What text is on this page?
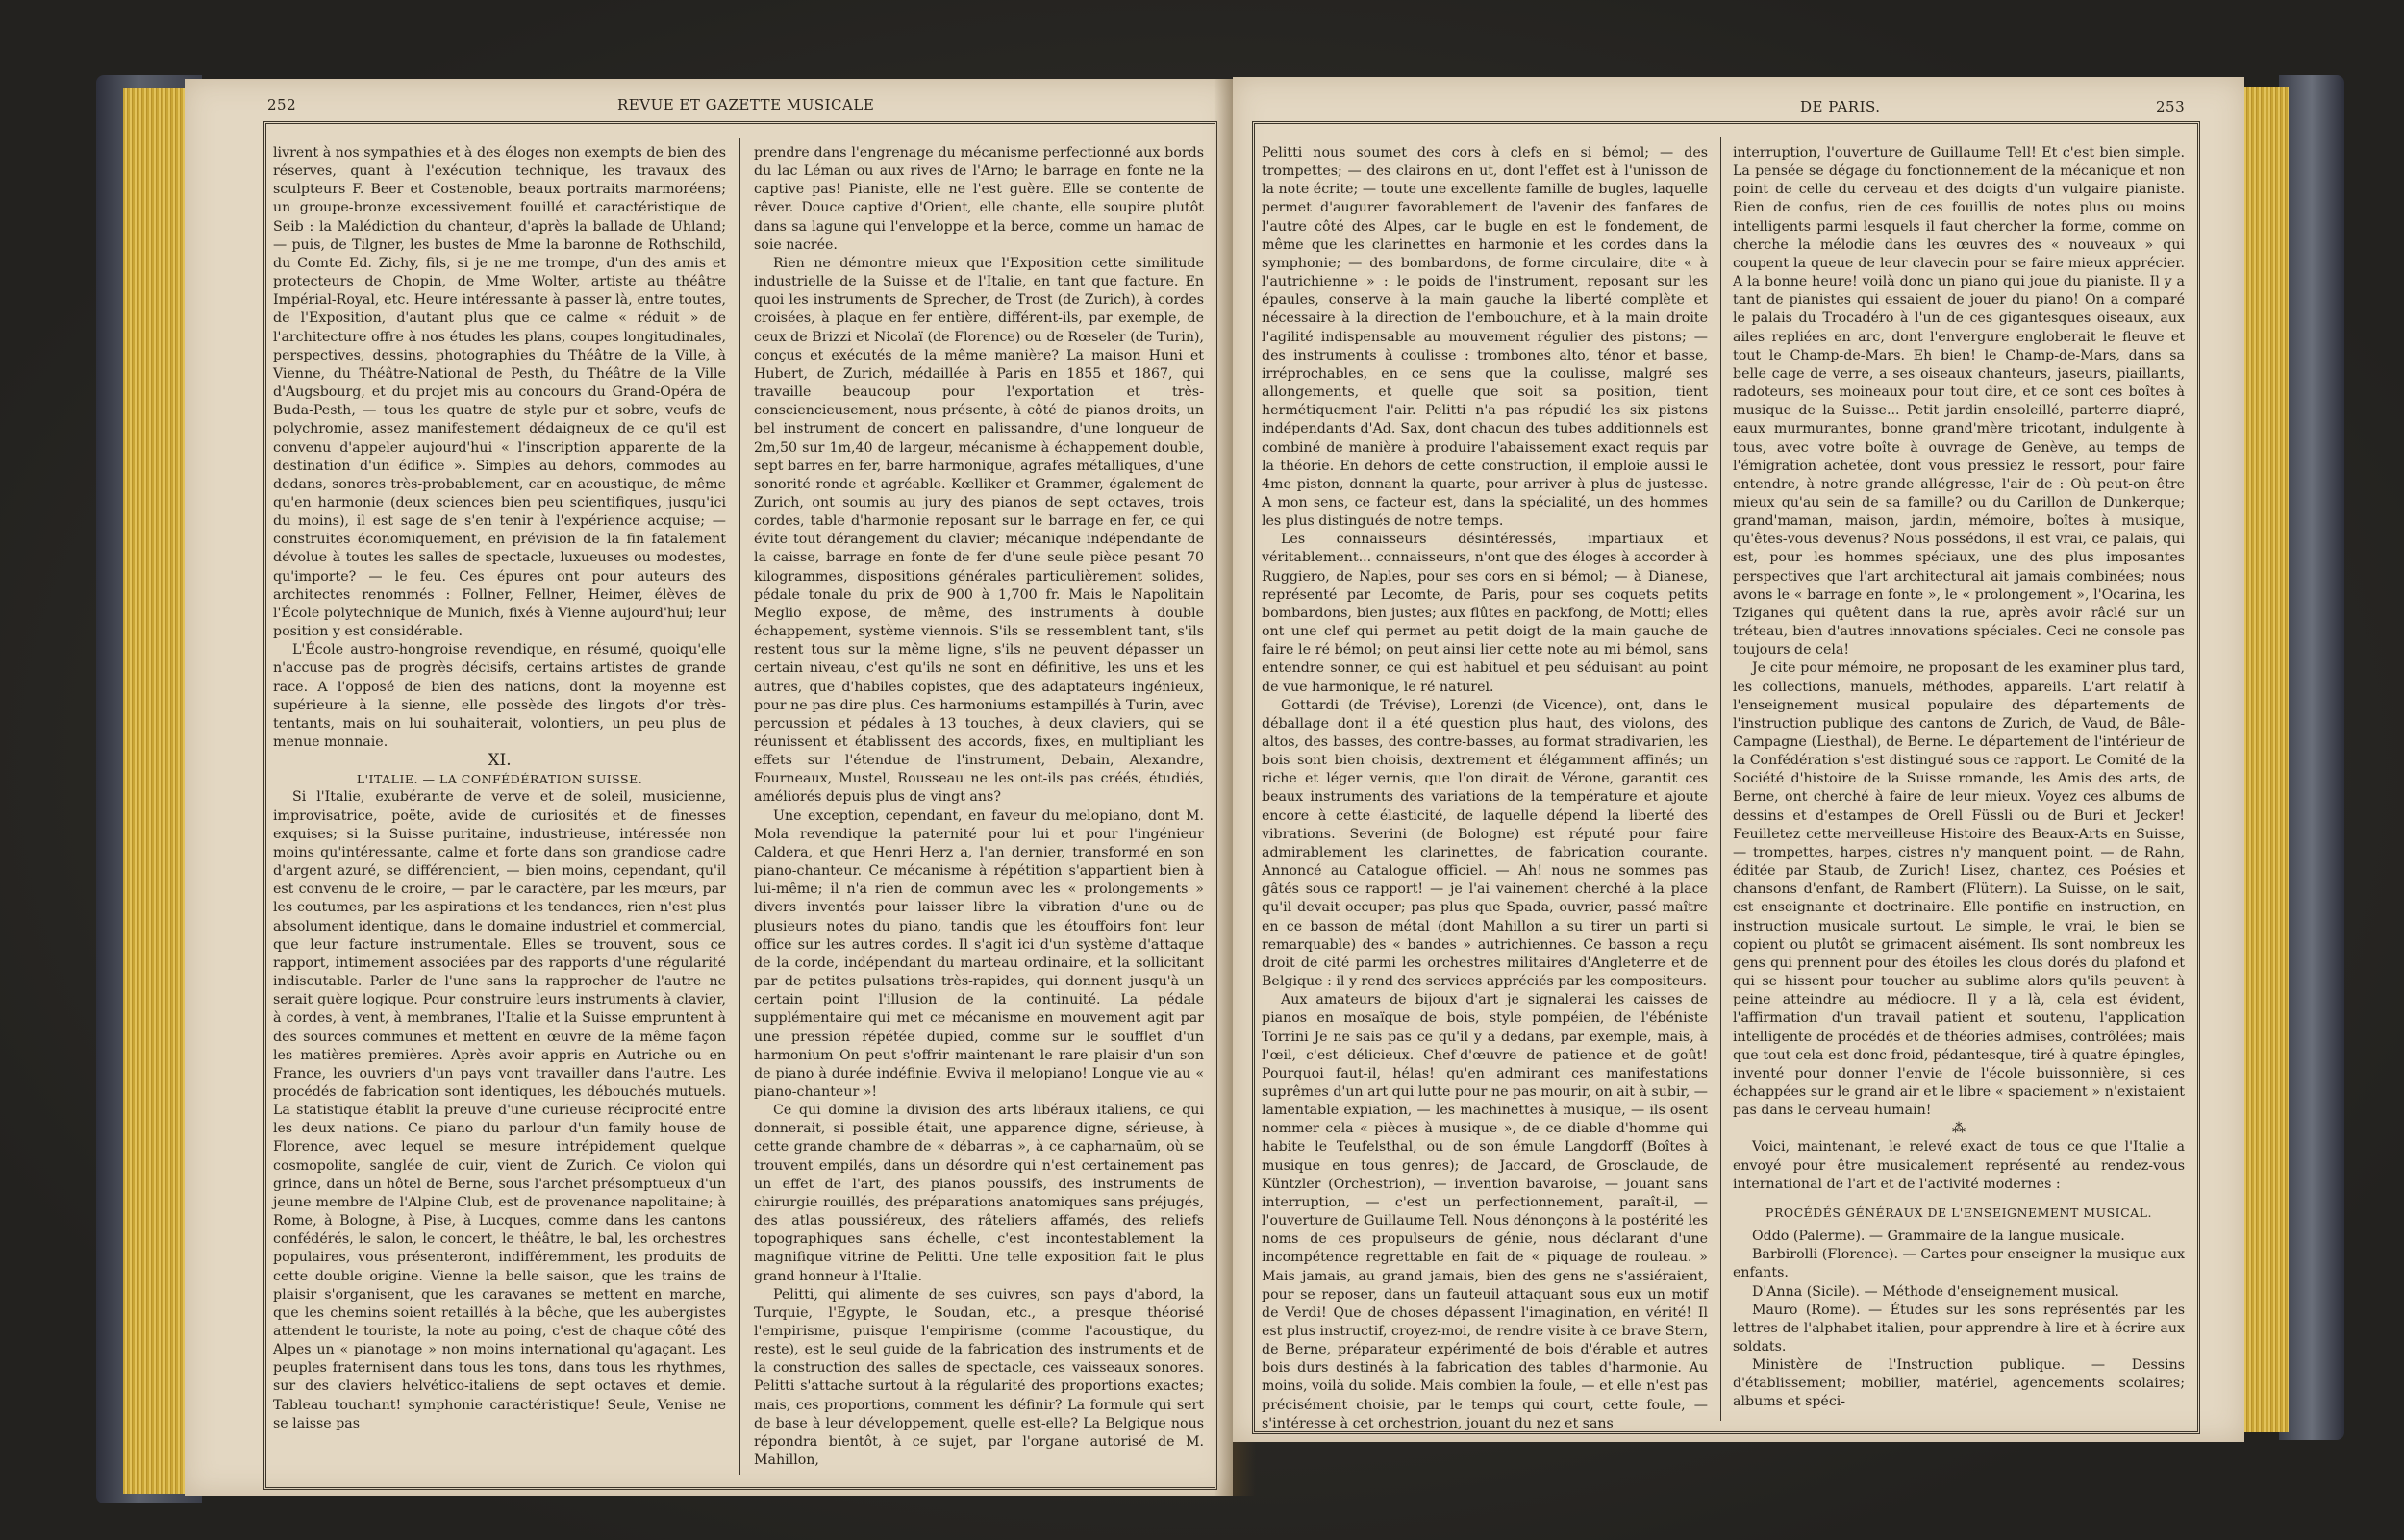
252	REVUE ET GAZETTE MUSICALE

livrent à nos sympathies et à des éloges non exempts de bien des réserves, quant à l'exécution technique, les travaux des sculpteurs F. Beer et Costenoble, beaux portraits marmoréens; un groupe-bronze excessivement fouillé et caractéristique de Seib : la Malédiction du chanteur, d'après la ballade de Uhland; — puis, de Tilgner, les bustes de Mme la baronne de Rothschild, du Comte Ed. Zichy, fils, si je ne me trompe, d'un des amis et protecteurs de Chopin, de Mme Wolter, artiste au théâtre Impérial-Royal, etc. Heure intéressante à passer là, entre toutes, de l'Exposition, d'autant plus que ce calme « réduit » de l'architecture offre à nos études les plans, coupes longitudinales, perspectives, dessins, photographies du Théâtre de la Ville, à Vienne, du Théâtre-National de Pesth, du Théâtre de la Ville d'Augsbourg, et du projet mis au concours du Grand-Opéra de Buda-Pesth, — tous les quatre de style pur et sobre, veufs de polychromie, assez manifestement dédaigneux de ce qu'il est convenu d'appeler aujourd'hui « l'inscription apparente de la destination d'un édifice ». Simples au dehors, commodes au dedans, sonores très-probablement, car en acoustique, de même qu'en harmonie (deux sciences bien peu scientifiques, jusqu'ici du moins), il est sage de s'en tenir à l'expérience acquise; — construites économiquement, en prévision de la fin fatalement dévolue à toutes les salles de spectacle, luxueuses ou modestes, qu'importe? — le feu. Ces épures ont pour auteurs des architectes renommés : Follner, Fellner, Heimer, élèves de l'École polytechnique de Munich, fixés à Vienne aujourd'hui; leur position y est considérable.

L'École austro-hongroise revendique, en résumé, quoiqu'elle n'accuse pas de progrès décisifs, certains artistes de grande race. A l'opposé de bien des nations, dont la moyenne est supérieure à la sienne, elle possède des lingots d'or très-tentants, mais on lui souhaiterait, volontiers, un peu plus de menue monnaie.

XI.

L'ITALIE. — LA CONFÉDÉRATION SUISSE.

Si l'Italie, exubérante de verve et de soleil, musicienne, improvisatrice, poëte, avide de curiosités et de finesses exquises; si la Suisse puritaine, industrieuse, intéressée non moins qu'intéressante, calme et forte dans son grandiose cadre d'argent azuré, se différencient, — bien moins, cependant, qu'il est convenu de le croire, — par le caractère, par les mœurs, par les coutumes, par les aspirations et les tendances, rien n'est plus absolument identique, dans le domaine industriel et commercial, que leur facture instrumentale. Elles se trouvent, sous ce rapport, intimement associées par des rapports d'une régularité indiscutable. Parler de l'une sans la rapprocher de l'autre ne serait guère logique. Pour construire leurs instruments à clavier, à cordes, à vent, à membranes, l'Italie et la Suisse empruntent à des sources communes et mettent en œuvre de la même façon les matières premières. Après avoir appris en Autriche ou en France, les ouvriers d'un pays vont travailler dans l'autre. Les procédés de fabrication sont identiques, les débouchés mutuels. La statistique établit la preuve d'une curieuse réciprocité entre les deux nations. Ce piano du parlour d'un family house de Florence, avec lequel se mesure intrépidement quelque cosmopolite, sanglée de cuir, vient de Zurich. Ce violon qui grince, dans un hôtel de Berne, sous l'archet présomptueux d'un jeune membre de l'Alpine Club, est de provenance napolitaine; à Rome, à Bologne, à Pise, à Lucques, comme dans les cantons confédérés, le salon, le concert, le théâtre, le bal, les orchestres populaires, vous présenteront, indifféremment, les produits de cette double origine. Vienne la belle saison, que les trains de plaisir s'organisent, que les caravanes se mettent en marche, que les chemins soient retaillés à la bêche, que les aubergistes attendent le touriste, la note au poing, c'est de chaque côté des Alpes un « pianotage » non moins international qu'agaçant. Les peuples fraternisent dans tous les tons, dans tous les rhythmes, sur des claviers helvético-italiens de sept octaves et demie. Tableau touchant! symphonie caractéristique! Seule, Venise ne se laisse pas

prendre dans l'engrenage du mécanisme perfectionné aux bords du lac Léman ou aux rives de l'Arno; le barrage en fonte ne la captive pas! Pianiste, elle ne l'est guère. Elle se contente de rêver. Douce captive d'Orient, elle chante, elle soupire plutôt dans sa lagune qui l'enveloppe et la berce, comme un hamac de soie nacrée.

Rien ne démontre mieux que l'Exposition cette similitude industrielle de la Suisse et de l'Italie, en tant que facture. En quoi les instruments de Sprecher, de Trost (de Zurich), à cordes croisées, à plaque en fer entière, différent-ils, par exemple, de ceux de Brizzi et Nicolaï (de Florence) ou de Rœseler (de Turin), conçus et exécutés de la même manière? La maison Huni et Hubert, de Zurich, médaillée à Paris en 1855 et 1867, qui travaille beaucoup pour l'exportation et très-consciencieusement, nous présente, à côté de pianos droits, un bel instrument de concert en palissandre, d'une longueur de 2m,50 sur 1m,40 de largeur, mécanisme à échappement double, sept barres en fer, barre harmonique, agrafes métalliques, d'une sonorité ronde et agréable. Kœlliker et Grammer, également de Zurich, ont soumis au jury des pianos de sept octaves, trois cordes, table d'harmonie reposant sur le barrage en fer, ce qui évite tout dérangement du clavier; mécanique indépendante de la caisse, barrage en fonte de fer d'une seule pièce pesant 70 kilogrammes, dispositions générales particulièrement solides, pédale tonale du prix de 900 à 1,700 fr. Mais le Napolitain Meglio expose, de même, des instruments à double échappement, système viennois. S'ils se ressemblent tant, s'ils restent tous sur la même ligne, s'ils ne peuvent dépasser un certain niveau, c'est qu'ils ne sont en définitive, les uns et les autres, que d'habiles copistes, que des adaptateurs ingénieux, pour ne pas dire plus. Ces harmoniums estampillés à Turin, avec percussion et pédales à 13 touches, à deux claviers, qui se réunissent et établissent des accords, fixes, en multipliant les effets sur l'étendue de l'instrument, Debain, Alexandre, Fourneaux, Mustel, Rousseau ne les ont-ils pas créés, étudiés, améliorés depuis plus de vingt ans?

Une exception, cependant, en faveur du melopiano, dont M. Mola revendique la paternité pour lui et pour l'ingénieur Caldera, et que Henri Herz a, l'an dernier, transformé en son piano-chanteur. Ce mécanisme à répétition s'appartient bien à lui-même; il n'a rien de commun avec les « prolongements » divers inventés pour laisser libre la vibration d'une ou de plusieurs notes du piano, tandis que les étouffoirs font leur office sur les autres cordes. Il s'agit ici d'un système d'attaque de la corde, indépendant du marteau ordinaire, et la sollicitant par de petites pulsations très-rapides, qui donnent jusqu'à un certain point l'illusion de la continuité. La pédale supplémentaire qui met ce mécanisme en mouvement agit par une pression répétée dupied, comme sur le soufflet d'un harmonium On peut s'offrir maintenant le rare plaisir d'un son de piano à durée indéfinie. Evviva il melopiano! Longue vie au « piano-chanteur »!

Ce qui domine la division des arts libéraux italiens, ce qui donnerait, si possible était, une apparence digne, sérieuse, à cette grande chambre de « débarras », à ce capharnaüm, où se trouvent empilés, dans un désordre qui n'est certainement pas un effet de l'art, des pianos poussifs, des instruments de chirurgie rouillés, des préparations anatomiques sans préjugés, des atlas poussiéreux, des râteliers affamés, des reliefs topographiques sans échelle, c'est incontestablement la magnifique vitrine de Pelitti. Une telle exposition fait le plus grand honneur à l'Italie.

Pelitti, qui alimente de ses cuivres, son pays d'abord, la Turquie, l'Egypte, le Soudan, etc., a presque théorisé l'empirisme, puisque l'empirisme (comme l'acoustique, du reste), est le seul guide de la fabrication des instruments et de la construction des salles de spectacle, ces vaisseaux sonores. Pelitti s'attache surtout à la régularité des proportions exactes; mais, ces proportions, comment les définir? La formule qui sert de base à leur développement, quelle est-elle? La Belgique nous répondra bientôt, à ce sujet, par l'organe autorisé de M. Mahillon,

DE PARIS.	253

Pelitti nous soumet des cors à clefs en si bémol; — des trompettes; — des clairons en ut, dont l'effet est à l'unisson de la note écrite; — toute une excellente famille de bugles, laquelle permet d'augurer favorablement de l'avenir des fanfares de l'autre côté des Alpes, car le bugle en est le fondement, de même que les clarinettes en harmonie et les cordes dans la symphonie; — des bombardons, de forme circulaire, dite « à l'autrichienne » : le poids de l'instrument, reposant sur les épaules, conserve à la main gauche la liberté complète et nécessaire à la direction de l'embouchure, et à la main droite l'agilité indispensable au mouvement régulier des pistons; — des instruments à coulisse : trombones alto, ténor et basse, irréprochables, en ce sens que la coulisse, malgré ses allongements, et quelle que soit sa position, tient hermétiquement l'air. Pelitti n'a pas répudié les six pistons indépendants d'Ad. Sax, dont chacun des tubes additionnels est combiné de manière à produire l'abaissement exact requis par la théorie. En dehors de cette construction, il emploie aussi le 4me piston, donnant la quarte, pour arriver à plus de justesse. A mon sens, ce facteur est, dans la spécialité, un des hommes les plus distingués de notre temps.

Les connaisseurs désintéressés, impartiaux et véritablement... connaisseurs, n'ont que des éloges à accorder à Ruggiero, de Naples, pour ses cors en si bémol; — à Dianese, représenté par Lecomte, de Paris, pour ses coquets petits bombardons, bien justes; aux flûtes en packfong, de Motti; elles ont une clef qui permet au petit doigt de la main gauche de faire le ré bémol; on peut ainsi lier cette note au mi bémol, sans entendre sonner, ce qui est habituel et peu séduisant au point de vue harmonique, le ré naturel.

Gottardi (de Trévise), Lorenzi (de Vicence), ont, dans le déballage dont il a été question plus haut, des violons, des altos, des basses, des contre-basses, au format stradivarien, les bois sont bien choisis, dextrement et élégamment affinés; un riche et léger vernis, que l'on dirait de Vérone, garantit ces beaux instruments des variations de la température et ajoute encore à cette élasticité, de laquelle dépend la liberté des vibrations. Severini (de Bologne) est réputé pour faire admirablement les clarinettes, de fabrication courante. Annoncé au Catalogue officiel. — Ah! nous ne sommes pas gâtés sous ce rapport! — je l'ai vainement cherché à la place qu'il devait occuper; pas plus que Spada, ouvrier, passé maître en ce basson de métal (dont Mahillon a su tirer un parti si remarquable) des « bandes » autrichiennes. Ce basson a reçu droit de cité parmi les orchestres militaires d'Angleterre et de Belgique : il y rend des services appréciés par les compositeurs.

Aux amateurs de bijoux d'art je signalerai les caisses de pianos en mosaïque de bois, style pompéien, de l'ébéniste Torrini Je ne sais pas ce qu'il y a dedans, par exemple, mais, à l'œil, c'est délicieux. Chef-d'œuvre de patience et de goût! Pourquoi faut-il, hélas! qu'en admirant ces manifestations suprêmes d'un art qui lutte pour ne pas mourir, on ait à subir, — lamentable expiation, — les machinettes à musique, — ils osent nommer cela « pièces à musique », de ce diable d'homme qui habite le Teufelsthal, ou de son émule Langdorff (Boîtes à musique en tous genres); de Jaccard, de Grosclaude, de Küntzler (Orchestrion), — invention bavaroise, — jouant sans interruption, — c'est un perfectionnement, paraît-il, — l'ouverture de Guillaume Tell. Nous dénonçons à la postérité les noms de ces propulseurs de génie, nous déclarant d'une incompétence regrettable en fait de « piquage de rouleau. » Mais jamais, au grand jamais, bien des gens ne s'assiéraient, pour se reposer, dans un fauteuil attaquant sous eux un motif de Verdi! Que de choses dépassent l'imagination, en vérité! Il est plus instructif, croyez-moi, de rendre visite à ce brave Stern, de Berne, préparateur expérimenté de bois d'érable et autres bois durs destinés à la fabrication des tables d'harmonie. Au moins, voilà du solide. Mais combien la foule, — et elle n'est pas précisément choisie, par le temps qui court, cette foule, — s'intéresse à cet orchestrion, jouant du nez et sans

interruption, l'ouverture de Guillaume Tell! Et c'est bien simple. La pensée se dégage du fonctionnement de la mécanique et non point de celle du cerveau et des doigts d'un vulgaire pianiste. Rien de confus, rien de ces fouillis de notes plus ou moins intelligents parmi lesquels il faut chercher la forme, comme on cherche la mélodie dans les œuvres des « nouveaux » qui coupent la queue de leur clavecin pour se faire mieux apprécier. A la bonne heure! voilà donc un piano qui joue du pianiste. Il y a tant de pianistes qui essaient de jouer du piano! On a comparé le palais du Trocadéro à l'un de ces gigantesques oiseaux, aux ailes repliées en arc, dont l'envergure engloberait le fleuve et tout le Champ-de-Mars. Eh bien! le Champ-de-Mars, dans sa belle cage de verre, a ses oiseaux chanteurs, jaseurs, piaillants, radoteurs, ses moineaux pour tout dire, et ce sont ces boîtes à musique de la Suisse... Petit jardin ensoleillé, parterre diapré, eaux murmurantes, bonne grand'mère tricotant, indulgente à tous, avec votre boîte à ouvrage de Genève, au temps de l'émigration achetée, dont vous pressiez le ressort, pour faire entendre, à notre grande allégresse, l'air de : Où peut-on être mieux qu'au sein de sa famille? ou du Carillon de Dunkerque; grand'maman, maison, jardin, mémoire, boîtes à musique, qu'êtes-vous devenus? Nous possédons, il est vrai, ce palais, qui est, pour les hommes spéciaux, une des plus imposantes perspectives que l'art architectural ait jamais combinées; nous avons le « barrage en fonte », le « prolongement », l'Ocarina, les Tziganes qui quêtent dans la rue, après avoir râclé sur un tréteau, bien d'autres innovations spéciales. Ceci ne console pas toujours de cela!

Je cite pour mémoire, ne proposant de les examiner plus tard, les collections, manuels, méthodes, appareils. L'art relatif à l'enseignement musical populaire des départements de l'instruction publique des cantons de Zurich, de Vaud, de Bâle-Campagne (Liesthal), de Berne. Le département de l'intérieur de la Confédération s'est distingué sous ce rapport. Le Comité de la Société d'histoire de la Suisse romande, les Amis des arts, de Berne, ont cherché à faire de leur mieux. Voyez ces albums de dessins et d'estampes de Orell Füssli ou de Buri et Jecker! Feuilletez cette merveilleuse Histoire des Beaux-Arts en Suisse, — trompettes, harpes, cistres n'y manquent point, — de Rahn, éditée par Staub, de Zurich! Lisez, chantez, ces Poésies et chansons d'enfant, de Rambert (Flütern). La Suisse, on le sait, est enseignante et doctrinaire. Elle pontifie en instruction, en instruction musicale surtout. Le simple, le vrai, le bien se copient ou plutôt se grimacent aisément. Ils sont nombreux les gens qui prennent pour des étoiles les clous dorés du plafond et qui se hissent pour toucher au sublime alors qu'ils peuvent à peine atteindre au médiocre. Il y a là, cela est évident, l'affirmation d'un travail patient et soutenu, l'application intelligente de procédés et de théories admises, contrôlées; mais que tout cela est donc froid, pédantesque, tiré à quatre épingles, inventé pour donner l'envie de l'école buissonnière, si ces échappées sur le grand air et le libre « spaciement » n'existaient pas dans le cerveau humain!

⁂

Voici, maintenant, le relevé exact de tous ce que l'Italie a envoyé pour être musicalement représenté au rendez-vous international de l'art et de l'activité modernes :

PROCÉDÉS GÉNÉRAUX DE L'ENSEIGNEMENT MUSICAL.

Oddo (Palerme). — Grammaire de la langue musicale.

Barbirolli (Florence). — Cartes pour enseigner la musique aux enfants.

D'Anna (Sicile). — Méthode d'enseignement musical.

Mauro (Rome). — Études sur les sons représentés par les lettres de l'alphabet italien, pour apprendre à lire et à écrire aux soldats.

Ministère de l'Instruction publique. — Dessins d'établissement; mobilier, matériel, agencements scolaires; albums et spéci-
